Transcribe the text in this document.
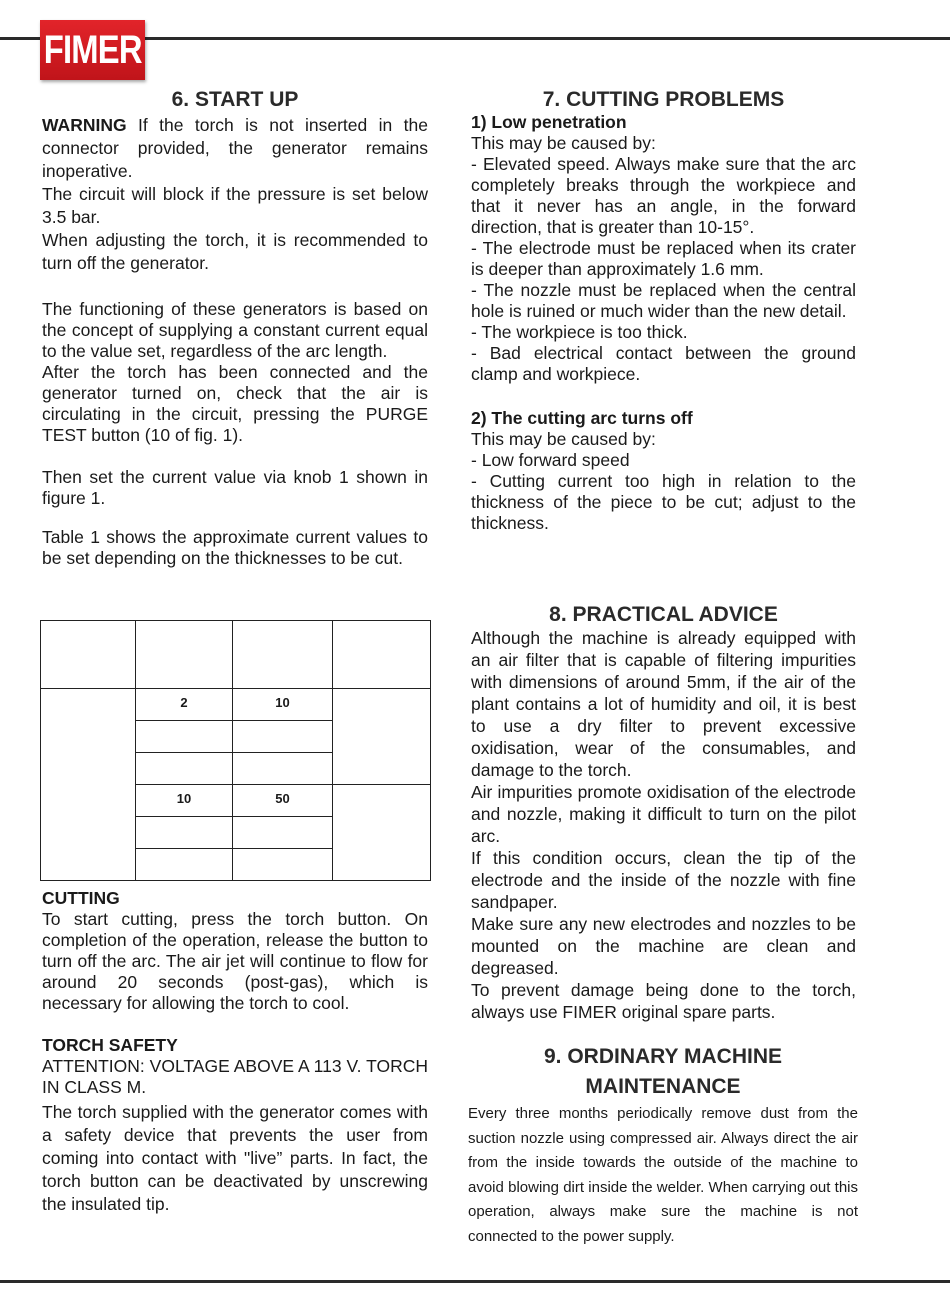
FIMER
6. START UP

WARNING If the torch is not inserted in the connector provided, the generator remains inoperative.

The circuit will block if the pressure is set below 3.5 bar.

When adjusting the torch, it is recommended to turn off the generator.

The functioning of these generators is based on the concept of supplying a constant current equal to the value set, regardless of the arc length.

After the torch has been connected and the generator turned on, check that the air is circulating in the circuit, pressing the PURGE TEST button (10 of fig. 1).

Then set the current value via knob 1 shown in figure 1.

Table 1 shows the approximate current values to be set depending on the thicknesses to be cut.

	2	10	

	10	50	

CUTTING

To start cutting, press the torch button. On completion of the operation, release the button to turn off the arc. The air jet will continue to flow for around 20 seconds (post-gas), which is necessary for allowing the torch to cool.

TORCH SAFETY

ATTENTION: VOLTAGE ABOVE A 113 V. TORCH IN CLASS M.

The torch supplied with the generator comes with a safety device that prevents the user from coming into contact with "live” parts. In fact, the torch button can be deactivated by unscrewing the insulated tip.

7. CUTTING PROBLEMS

1) Low penetration

This may be caused by:

- Elevated speed. Always make sure that the arc completely breaks through the workpiece and that it never has an angle, in the forward direction, that is greater than 10-15°.

- The electrode must be replaced when its crater is deeper than approximately 1.6 mm.

- The nozzle must be replaced when the central hole is ruined or much wider than the new detail.

- The workpiece is too thick.

- Bad electrical contact between the ground clamp and workpiece.

2) The cutting arc turns off

This may be caused by:

- Low forward speed

- Cutting current too high in relation to the thickness of the piece to be cut; adjust to the thickness.

8. PRACTICAL ADVICE

Although the machine is already equipped with an air filter that is capable of filtering impurities with dimensions of around 5mm, if the air of the plant contains a lot of humidity and oil, it is best to use a dry filter to prevent excessive oxidisation, wear of the consumables, and damage to the torch.

Air impurities promote oxidisation of the electrode and nozzle, making it difficult to turn on the pilot arc.

If this condition occurs, clean the tip of the electrode and the inside of the nozzle with fine sandpaper.

Make sure any new electrodes and nozzles to be mounted on the machine are clean and degreased.

To prevent damage being done to the torch, always use FIMER original spare parts.

9. ORDINARY MACHINE
MAINTENANCE

Every three months periodically remove dust from the suction nozzle using compressed air. Always direct the air from the inside towards the outside of the machine to avoid blowing dirt inside the welder. When carrying out this operation, always make sure the machine is not connected to the power supply.
